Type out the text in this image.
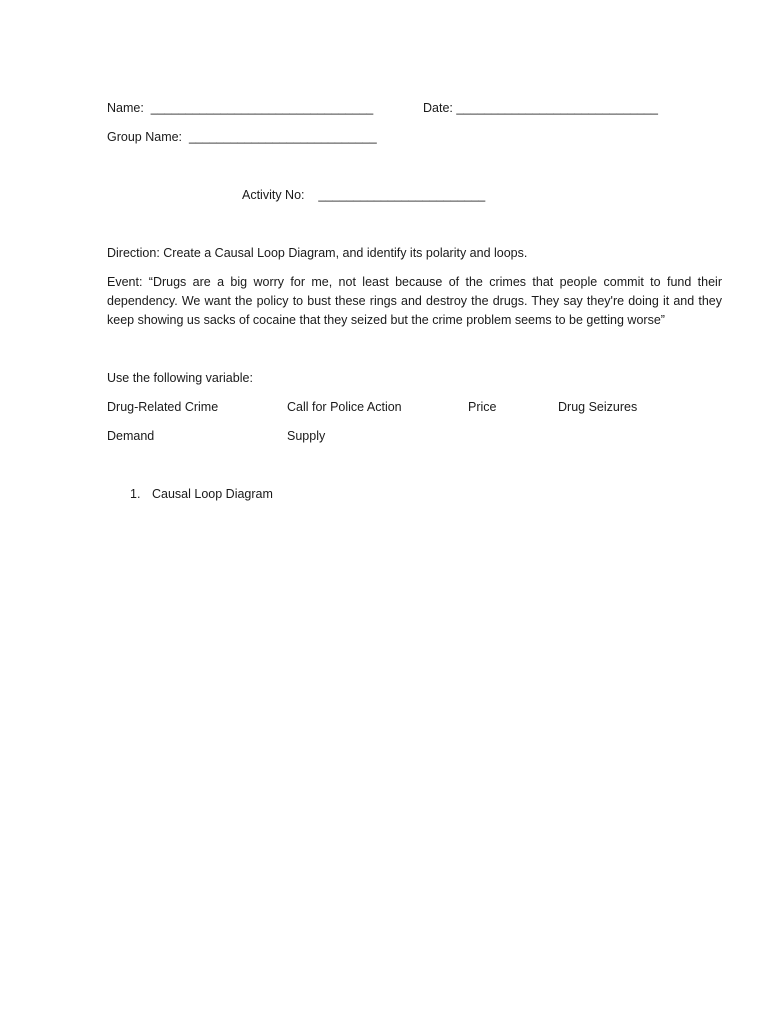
Name:  ________________________________	Date: _____________________________
Group Name:  ___________________________
Activity No:    ________________________
Direction: Create a Causal Loop Diagram, and identify its polarity and loops.
Event: “Drugs are a big worry for me, not least because of the crimes that people commit to fund their dependency. We want the policy to bust these rings and destroy the drugs. They say they're doing it and they keep showing us sacks of cocaine that they seized but the crime problem seems to be getting worse”
Use the following variable:
Drug-Related Crime	Call for Police Action	Price	Drug Seizures
Demand	Supply
1. Causal Loop Diagram
